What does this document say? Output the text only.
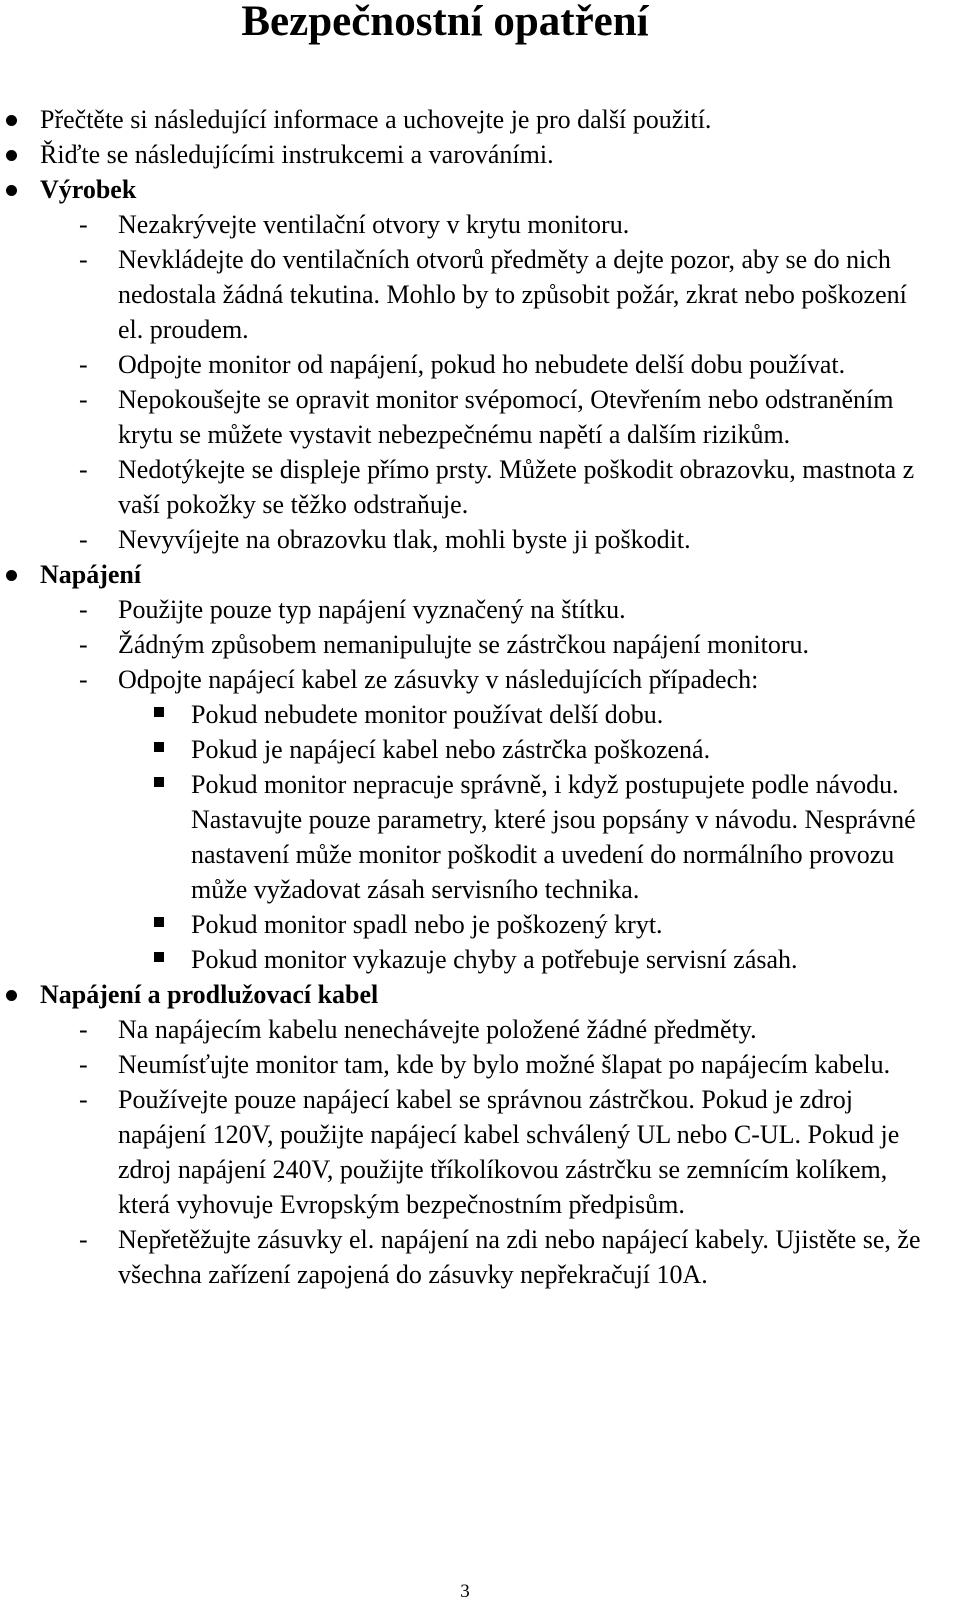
Bezpečnostní opatření
Přečtěte si následující informace a uchovejte je pro další použití.
Řiďte se následujícími instrukcemi a varováními.
Výrobek
- Nezakrývejte ventilační otvory v krytu monitoru.
- Nevkládejte do ventilačních otvorů předměty a dejte pozor, aby se do nich nedostala žádná tekutina. Mohlo by to způsobit požár, zkrat nebo poškození el. proudem.
- Odpojte monitor od napájení, pokud ho nebudete delší dobu používat.
- Nepokoušejte se opravit monitor svépomocí, Otevřením nebo odstraněním krytu se můžete vystavit nebezpečnému napětí a dalším rizikům.
- Nedotýkejte se displeje přímo prsty. Můžete poškodit obrazovku, mastnota z vaší pokožky se těžko odstraňuje.
- Nevyvíjejte na obrazovku tlak, mohli byste ji poškodit.
Napájení
- Použijte pouze typ napájení vyznačený na štítku.
- Žádným způsobem nemanipulujte se zástrčkou napájení monitoru.
- Odpojte napájecí kabel ze zásuvky v následujících případech:
Pokud nebudete monitor používat delší dobu.
Pokud je napájecí kabel nebo zástrčka poškozená.
Pokud monitor nepracuje správně, i když postupujete podle návodu. Nastavujte pouze parametry, které jsou popsány v návodu. Nesprávné nastavení může monitor poškodit a uvedení do normálního provozu může vyžadovat zásah servisního technika.
Pokud monitor spadl nebo je poškozený kryt.
Pokud monitor vykazuje chyby a potřebuje servisní zásah.
Napájení a prodlužovací kabel
- Na napájecím kabelu nenechávejte položené žádné předměty.
- Neumísťujte monitor tam, kde by bylo možné šlapat po napájecím kabelu.
- Používejte pouze napájecí kabel se správnou zástrčkou. Pokud je zdroj napájení 120V, použijte napájecí kabel schválený UL nebo C-UL. Pokud je zdroj napájení 240V, použijte tříkolíkovou zástrčku se zemnícím kolíkem, která vyhovuje Evropským bezpečnostním předpisům.
- Nepřetěžujte zásuvky el. napájení na zdi nebo napájecí kabely. Ujistěte se, že všechna zařízení zapojená do zásuvky nepřekračují 10A.
3
